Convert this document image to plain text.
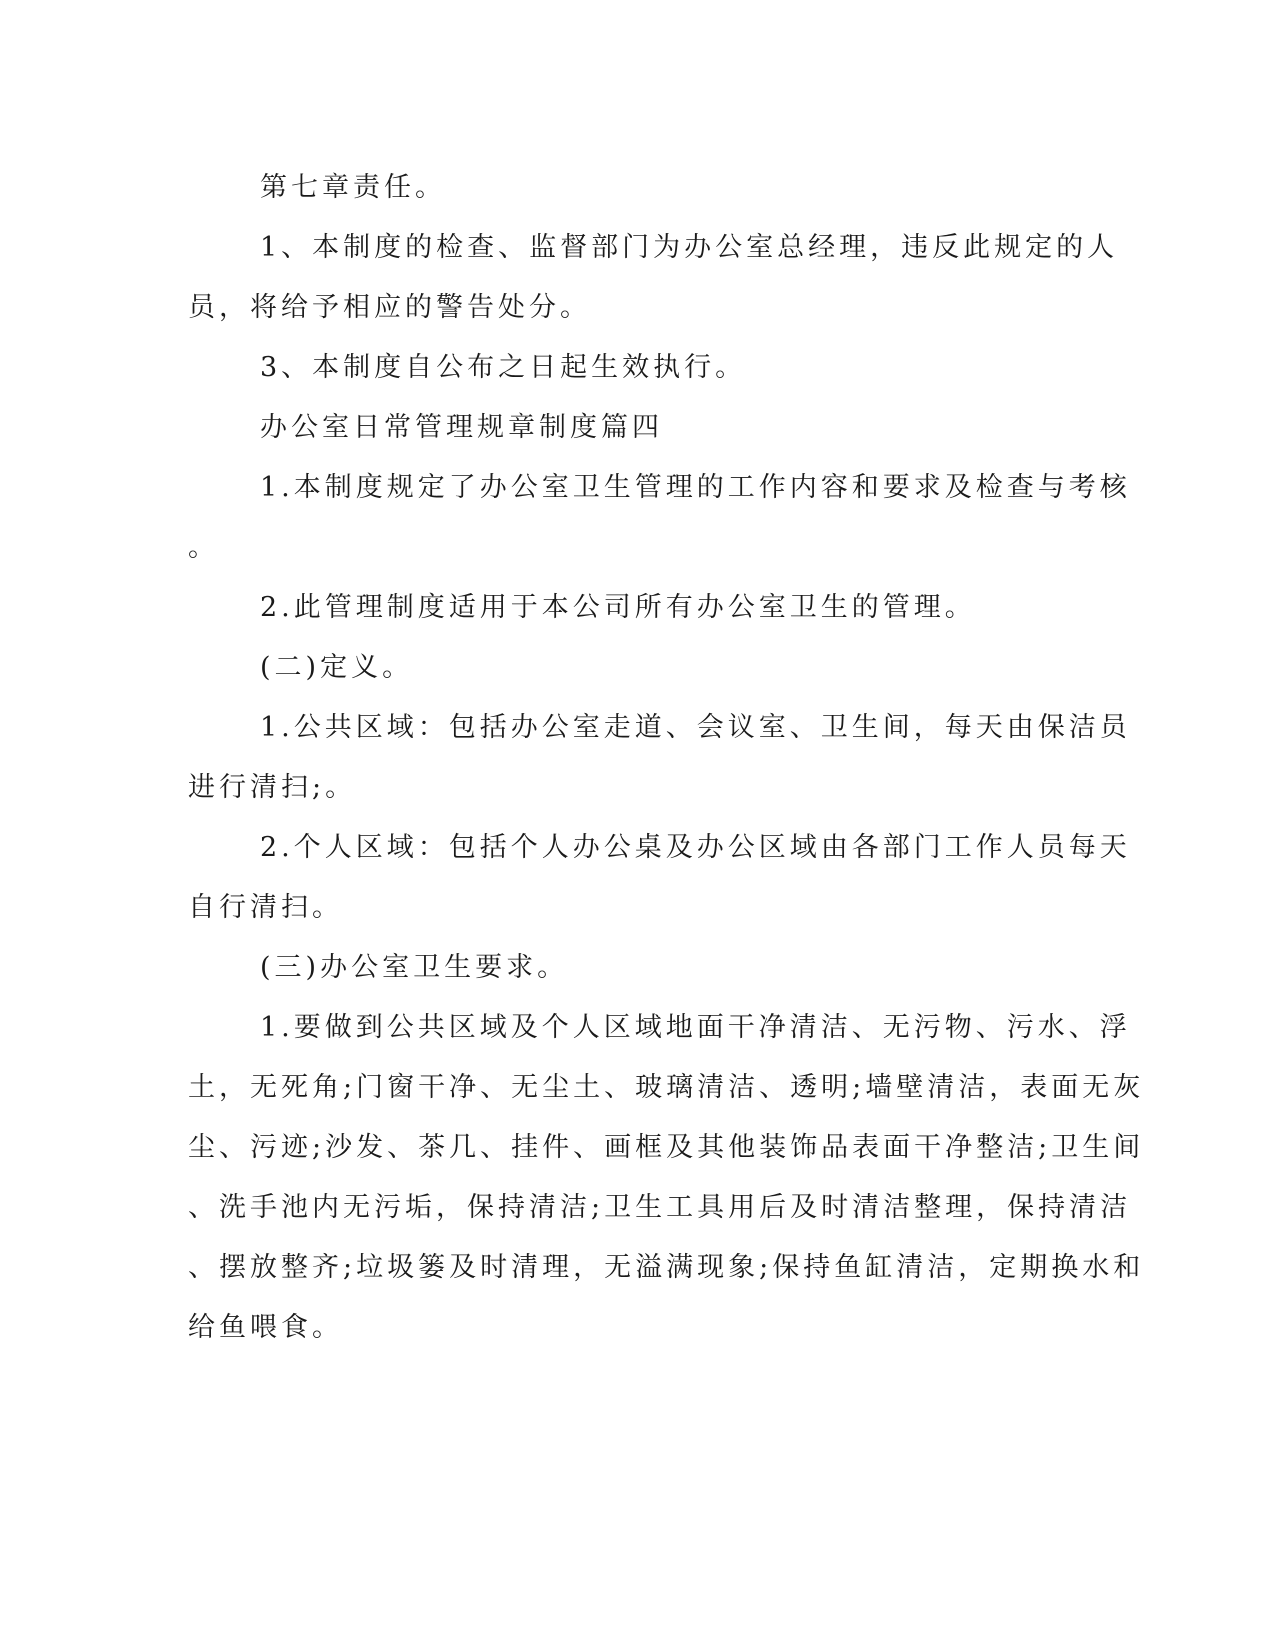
第七章责任。
1、本制度的检查、监督部门为办公室总经理，违反此规定的人
员，将给予相应的警告处分。
3、本制度自公布之日起生效执行。
办公室日常管理规章制度篇四
1.本制度规定了办公室卫生管理的工作内容和要求及检查与考核
。
2.此管理制度适用于本公司所有办公室卫生的管理。
(二)定义。
1.公共区域：包括办公室走道、会议室、卫生间，每天由保洁员
进行清扫;。
2.个人区域：包括个人办公桌及办公区域由各部门工作人员每天
自行清扫。
(三)办公室卫生要求。
1.要做到公共区域及个人区域地面干净清洁、无污物、污水、浮
土，无死角;门窗干净、无尘土、玻璃清洁、透明;墙壁清洁，表面无灰
尘、污迹;沙发、茶几、挂件、画框及其他装饰品表面干净整洁;卫生间
、洗手池内无污垢，保持清洁;卫生工具用后及时清洁整理，保持清洁
、摆放整齐;垃圾篓及时清理，无溢满现象;保持鱼缸清洁，定期换水和
给鱼喂食。
